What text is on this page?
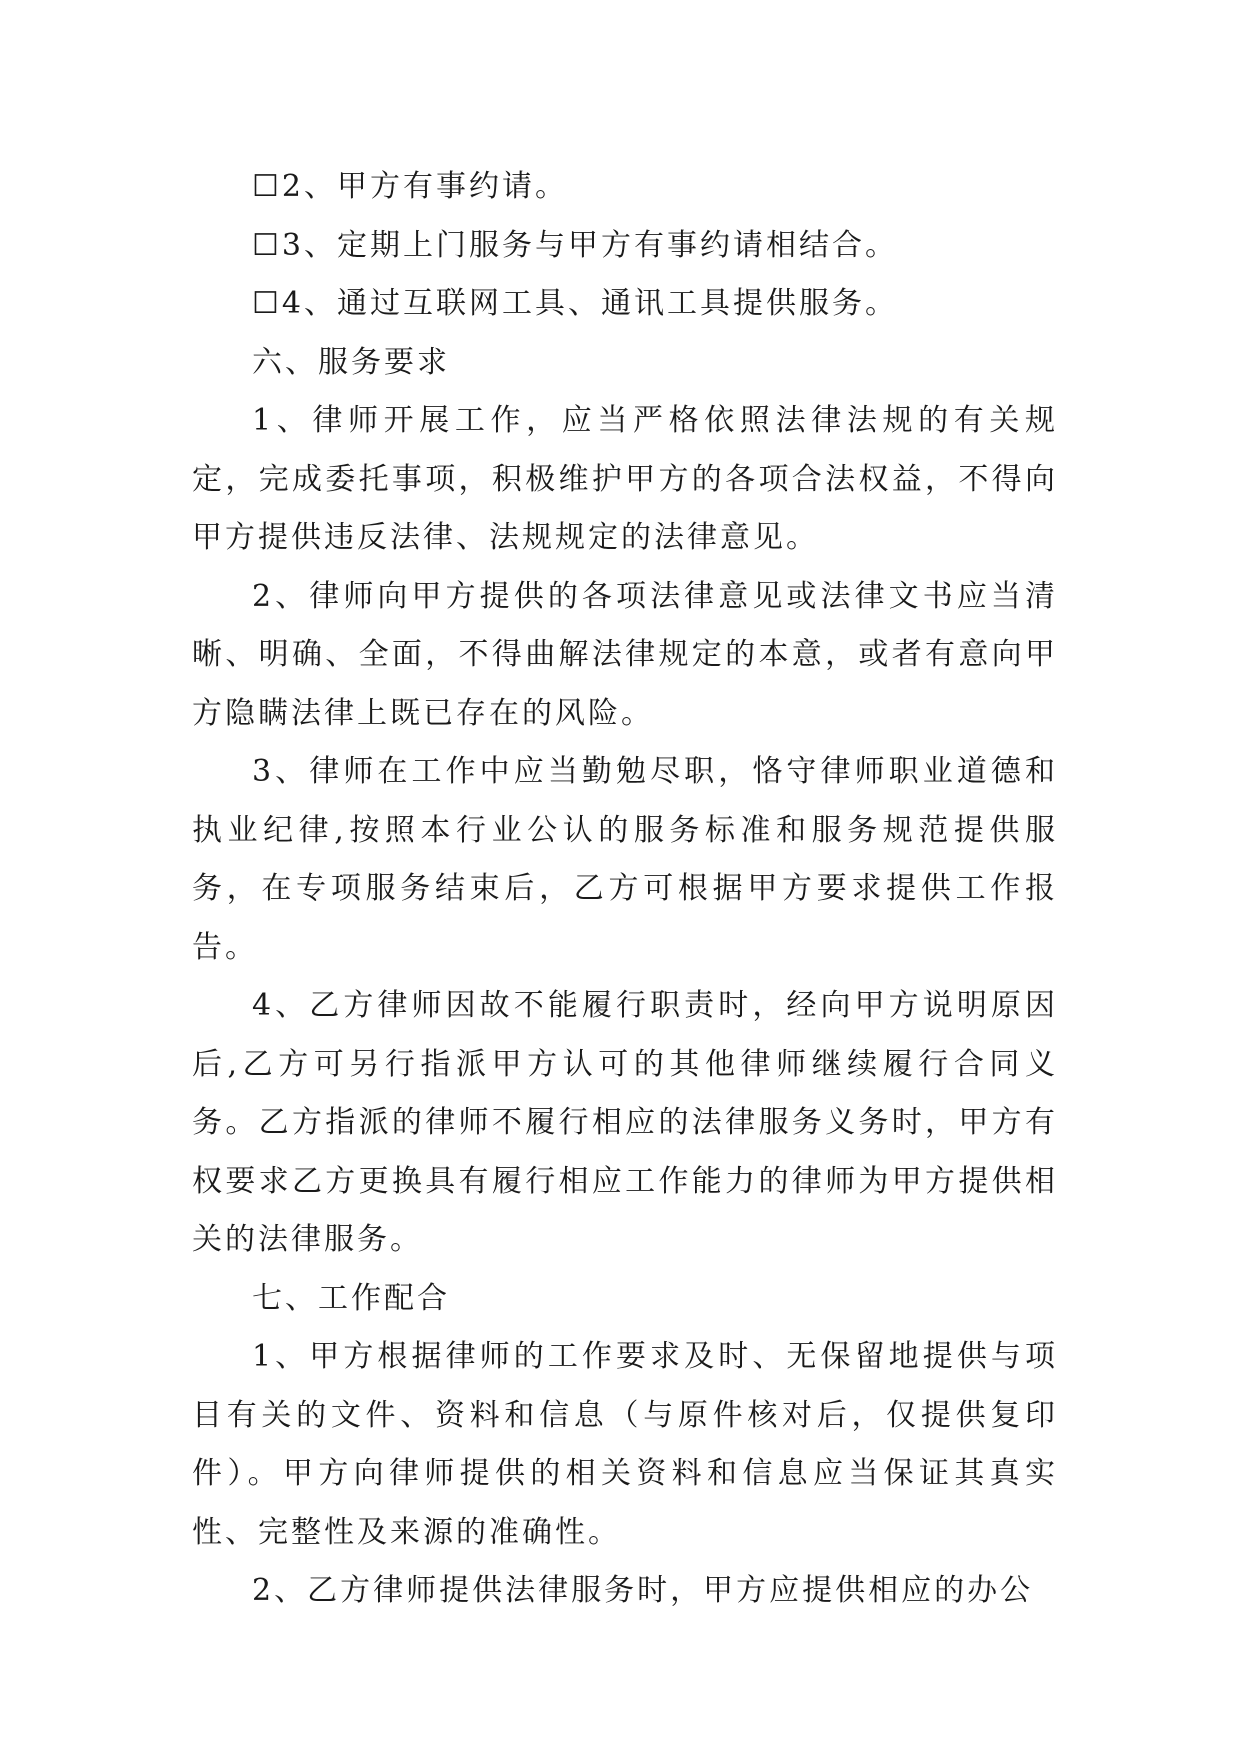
☐2、甲方有事约请。

☐3、定期上门服务与甲方有事约请相结合。

☐4、通过互联网工具、通讯工具提供服务。

六、服务要求

1、律师开展工作，应当严格依照法律法规的有关规定，完成委托事项，积极维护甲方的各项合法权益，不得向甲方提供违反法律、法规规定的法律意见。

2、律师向甲方提供的各项法律意见或法律文书应当清晰、明确、全面，不得曲解法律规定的本意，或者有意向甲方隐瞒法律上既已存在的风险。

3、律师在工作中应当勤勉尽职，恪守律师职业道德和执业纪律,按照本行业公认的服务标准和服务规范提供服务，在专项服务结束后，乙方可根据甲方要求提供工作报告。

4、乙方律师因故不能履行职责时，经向甲方说明原因后,乙方可另行指派甲方认可的其他律师继续履行合同义务。乙方指派的律师不履行相应的法律服务义务时，甲方有权要求乙方更换具有履行相应工作能力的律师为甲方提供相关的法律服务。

七、工作配合

1、甲方根据律师的工作要求及时、无保留地提供与项目有关的文件、资料和信息（与原件核对后，仅提供复印件）。甲方向律师提供的相关资料和信息应当保证其真实性、完整性及来源的准确性。

2、乙方律师提供法律服务时，甲方应提供相应的办公
